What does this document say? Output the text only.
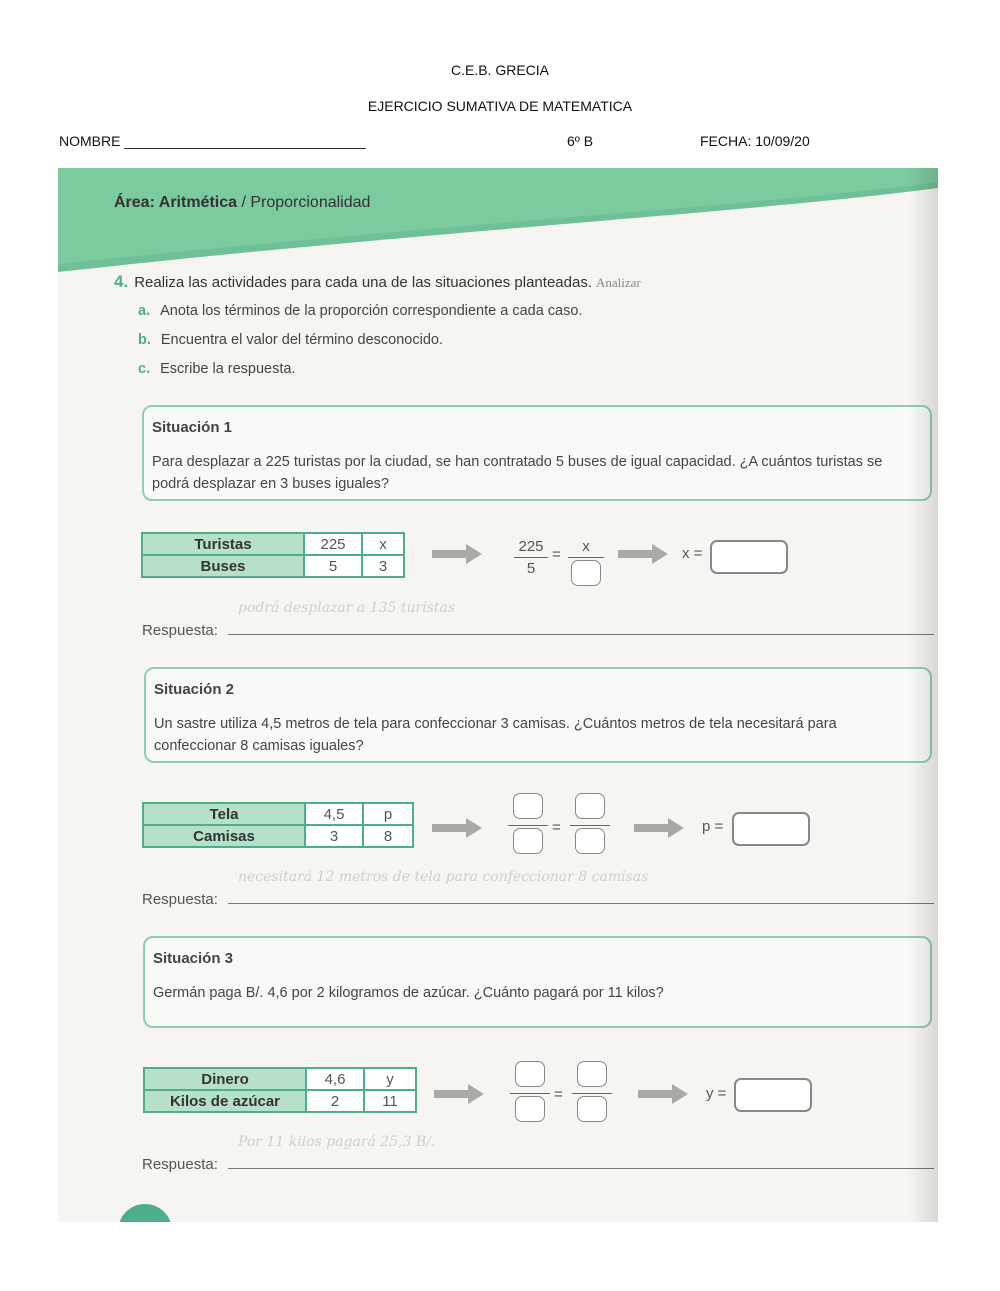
C.E.B. GRECIA
EJERCICIO SUMATIVA DE MATEMATICA
NOMBRE _______________________________	6º B	FECHA: 10/09/20
Área: Aritmética / Proporcionalidad
4. Realiza las actividades para cada una de las situaciones planteadas. Analizar
a. Anota los términos de la proporción correspondiente a cada caso.
b. Encuentra el valor del término desconocido.
c. Escribe la respuesta.
Situación 1
Para desplazar a 225 turistas por la ciudad, se han contratado 5 buses de igual capacidad. ¿A cuántos turistas se podrá desplazar en 3 buses iguales?
Turistas	225	x
Buses	5	3
225
5
=	x	x =
podrá desplazar a 135 turistas
Respuesta:
Situación 2
Un sastre utiliza 4,5 metros de tela para confeccionar 3 camisas. ¿Cuántos metros de tela necesitará para confeccionar 8 camisas iguales?
Tela	4,5	p
Camisas	3	8	=	p =
necesitará 12 metros de tela para confeccionar 8 camisas
Respuesta:
Situación 3
Germán paga B/. 4,6 por 2 kilogramos de azúcar. ¿Cuánto pagará por 11 kilos?
Dinero	4,6	y
Kilos de azúcar	2	11	=	y =
Por 11 kilos pagará 25,3 B/.
Respuesta:
